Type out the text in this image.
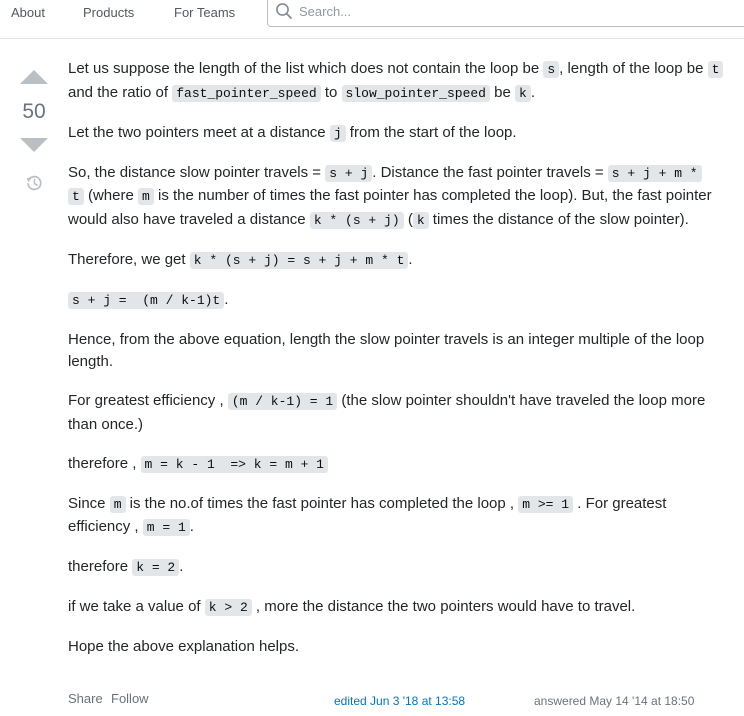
About	Products	For Teams
Search...
50

Let us suppose the length of the list which does not contain the loop be s , length of the loop be t and the ratio of fast_pointer_speed to slow_pointer_speed be k .

Let the two pointers meet at a distance j from the start of the loop.

So, the distance slow pointer travels = s + j . Distance the fast pointer travels = s + j + m *
t (where m is the number of times the fast pointer has completed the loop). But, the fast pointer would also have traveled a distance k * (s + j) ( k times the distance of the slow pointer).

Therefore, we get k * (s + j) = s + j + m * t .

s + j =  (m / k-1)t .

Hence, from the above equation, length the slow pointer travels is an integer multiple of the loop length.

For greatest efficiency , (m / k-1) = 1 (the slow pointer shouldn't have traveled the loop more than once.)

therefore , m = k - 1  => k = m + 1

Since m is the no.of times the fast pointer has completed the loop , m >= 1 . For greatest efficiency , m = 1 .

therefore k = 2 .

if we take a value of k > 2 , more the distance the two pointers would have to travel.

Hope the above explanation helps.

Share Follow	edited Jun 3 '18 at 13:58	answered May 14 '14 at 18:50
